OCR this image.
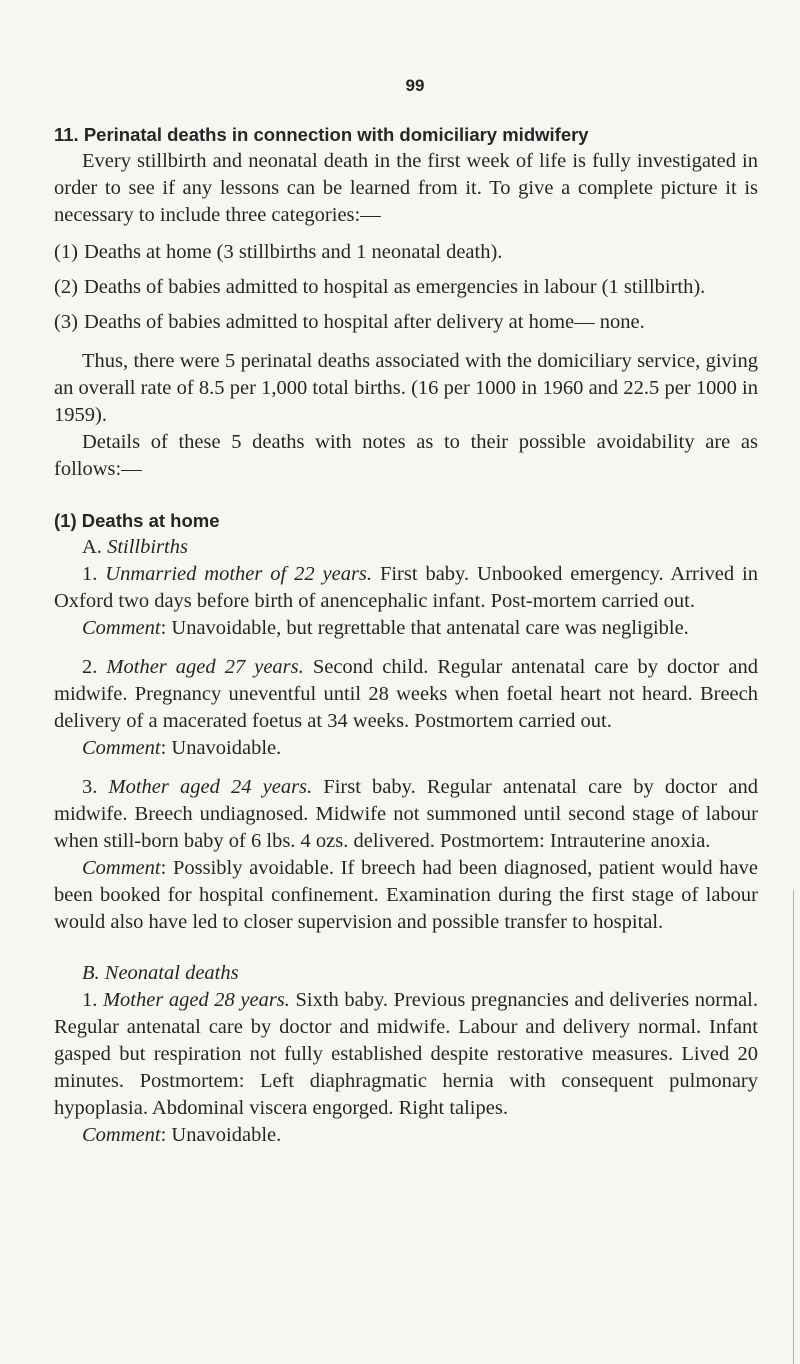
99
11. Perinatal deaths in connection with domiciliary midwifery

Every stillbirth and neonatal death in the first week of life is fully investigated in order to see if any lessons can be learned from it. To give a complete picture it is necessary to include three categories:—

(1) Deaths at home (3 stillbirths and 1 neonatal death).
(2) Deaths of babies admitted to hospital as emergencies in labour (1 stillbirth).
(3) Deaths of babies admitted to hospital after delivery at home— none.

Thus, there were 5 perinatal deaths associated with the domiciliary service, giving an overall rate of 8.5 per 1,000 total births. (16 per 1000 in 1960 and 22.5 per 1000 in 1959).

Details of these 5 deaths with notes as to their possible avoidability are as follows:—

(1)
Deaths at home
A. Stillbirths

1. Unmarried mother of 22 years. First baby. Unbooked emergency. Arrived in Oxford two days before birth of anencephalic infant. Post-mortem carried out.

Comment: Unavoidable, but regrettable that antenatal care was negligible.

2. Mother aged 27 years. Second child. Regular antenatal care by doctor and midwife. Pregnancy uneventful until 28 weeks when foetal heart not heard. Breech delivery of a macerated foetus at 34 weeks. Postmortem carried out.

Comment: Unavoidable.

3. Mother aged 24 years. First baby. Regular antenatal care by doctor and midwife. Breech undiagnosed. Midwife not summoned until second stage of labour when still-born baby of 6 lbs. 4 ozs. delivered. Postmortem: Intrauterine anoxia.

Comment: Possibly avoidable. If breech had been diagnosed, patient would have been booked for hospital confinement. Examination during the first stage of labour would also have led to closer supervision and possible transfer to hospital.

B. Neonatal deaths

1. Mother aged 28 years. Sixth baby. Previous pregnancies and deliveries normal. Regular antenatal care by doctor and midwife. Labour and delivery normal. Infant gasped but respiration not fully established despite restorative measures. Lived 20 minutes. Postmortem: Left diaphragmatic hernia with consequent pulmonary hypoplasia. Abdominal viscera engorged. Right talipes.

Comment: Unavoidable.
